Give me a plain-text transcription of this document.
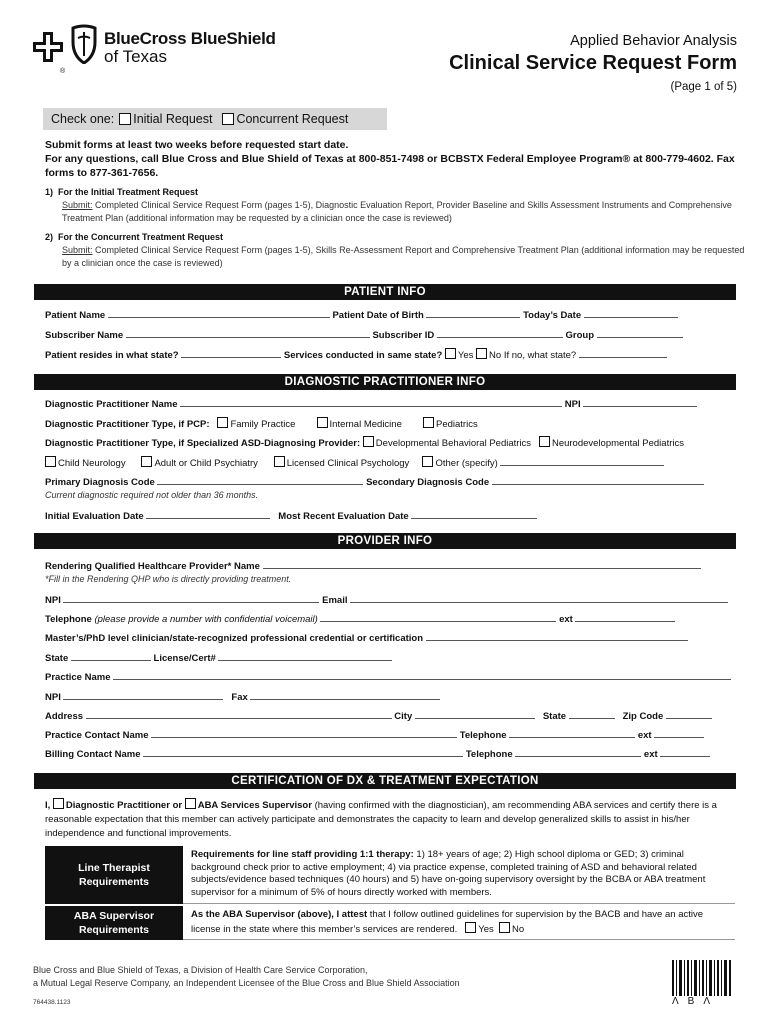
BlueCross BlueShield
of Texas
®
Applied Behavior Analysis
Clinical Service Request Form
(Page 1 of 5)
Check one: Initial Request Concurrent Request
Submit forms at least two weeks before requested start date.
For any questions, call Blue Cross and Blue Shield of Texas at 800-851-7498 or BCBSTX Federal Employee Program® at 800-779-4602. Fax forms to 877-361-7656.
1) For the Initial Treatment Request
Submit: Completed Clinical Service Request Form (pages 1-5), Diagnostic Evaluation Report, Provider Baseline and Skills Assessment Instruments and Comprehensive Treatment Plan (additional information may be requested by a clinician once the case is reviewed)
2) For the Concurrent Treatment Request
Submit: Completed Clinical Service Request Form (pages 1-5), Skills Re-Assessment Report and Comprehensive Treatment Plan (additional information may be requested by a clinician once the case is reviewed)
PATIENT INFO
Patient Name	Patient Date of Birth	Today’s Date
Subscriber Name	Subscriber ID	Group
Patient resides in what state?	Services conducted in same state? Yes No If no, what state?
DIAGNOSTIC PRACTITIONER INFO
Diagnostic Practitioner Name	NPI
Diagnostic Practitioner Type, if PCP: Family Practice	Internal Medicine	Pediatrics
Diagnostic Practitioner Type, if Specialized ASD-Diagnosing Provider: Developmental Behavioral Pediatrics Neurodevelopmental Pediatrics
Child Neurology	Adult or Child Psychiatry	Licensed Clinical Psychology	Other (specify)
Primary Diagnosis Code	Secondary Diagnosis Code
Current diagnostic required not older than 36 months.
Initial Evaluation Date	Most Recent Evaluation Date
PROVIDER INFO
Rendering Qualified Healthcare Provider* Name
*Fill in the Rendering QHP who is directly providing treatment.
NPI	Email
Telephone (please provide a number with confidential voicemail)	ext
Master’s/PhD level clinician/state-recognized professional credential or certification
State	License/Cert#
Practice Name
NPI	Fax
Address	City	State	Zip Code
Practice Contact Name	Telephone	ext
Billing Contact Name	Telephone	ext
CERTIFICATION OF DX & TREATMENT EXPECTATION
I, Diagnostic Practitioner or ABA Services Supervisor (having confirmed with the diagnostician), am recommending ABA services and certify there is a reasonable expectation that this member can actively participate and demonstrates the capacity to learn and develop generalized skills to assist in his/her independence and functional improvements.
Line Therapist Requirements
Requirements for line staff providing 1:1 therapy: 1) 18+ years of age; 2) High school diploma or GED; 3) criminal background check prior to active employment; 4) via practice expense, completed training of ASD and behavioral related subjects/evidence based techniques (40 hours) and 5) have on-going supervisory oversight by the BCBA or ABA treatment supervisor for a minimum of 5% of hours directly worked with members.
ABA Supervisor Requirements
As the ABA Supervisor (above), I attest that I follow outlined guidelines for supervision by the BACB and have an active license in the state where this member’s services are rendered. Yes No
Blue Cross and Blue Shield of Texas, a Division of Health Care Service Corporation,
a Mutual Legal Reserve Company, an Independent Licensee of the Blue Cross and Blue Shield Association
764438.1123	ΛBΛ
